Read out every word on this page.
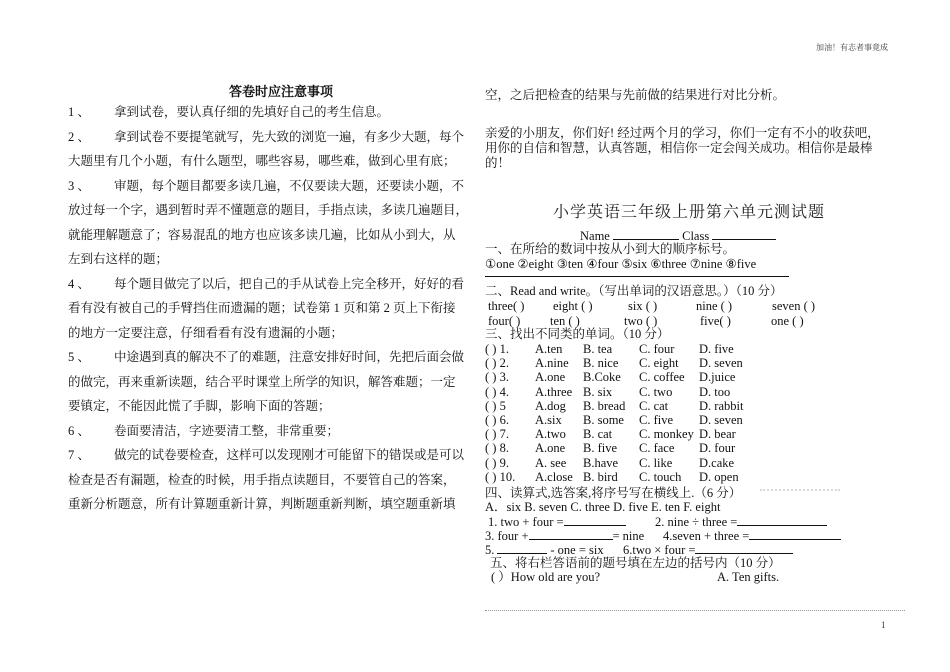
加油！有志者事竟成
答卷时应注意事项
1 、 拿到试卷，要认真仔细的先填好自己的考生信息。
2 、 拿到试卷不要提笔就写，先大致的浏览一遍，有多少大题，每个
大题里有几个小题，有什么题型，哪些容易，哪些难，做到心里有底；
3 、 审题，每个题目都要多读几遍，不仅要读大题，还要读小题，不
放过每一个字，遇到暂时弄不懂题意的题目，手指点读，多读几遍题目，
就能理解题意了；容易混乱的地方也应该多读几遍，比如从小到大，从
左到右这样的题；
4 、 每个题目做完了以后，把自己的手从试卷上完全移开，好好的看
看有没有被自己的手臂挡住而遗漏的题；试卷第 1 页和第 2 页上下衔接
的地方一定要注意，仔细看看有没有遗漏的小题；
5 、 中途遇到真的解决不了的难题，注意安排好时间，先把后面会做
的做完，再来重新读题，结合平时课堂上所学的知识，解答难题；一定
要镇定，不能因此慌了手脚，影响下面的答题；
6 、 卷面要清洁，字迹要清工整，非常重要；
7 、 做完的试卷要检查，这样可以发现刚才可能留下的错误或是可以
检查是否有漏题，检查的时候，用手指点读题目，不要管自己的答案，
重新分析题意，所有计算题重新计算，判断题重新判断，填空题重新填
空，之后把检查的结果与先前做的结果进行对比分析。
亲爱的小朋友，你们好! 经过两个月的学习，你们一定有不小的收获吧，
用你的自信和智慧，认真答题，相信你一定会闯关成功。相信你是最棒
的！
小学英语三年级上册第六单元测试题
Name	Class
一、在所给的数词中按从小到大的顺序标号。
①one ②eight ③ten ④four ⑤six ⑥three ⑦nine ⑧five
二、Read and write。（写出单词的汉语意思。）（10 分）
three( ) eight ( )	six ( )	nine ( )	seven ( )
four( ) ten ( )	two ( )	five( )	one ( )
三、找出不同类的单词。（10 分）
( ) 1. A.ten B. tea C. four D. five
( ) 2. A.nine B. nice C. eight D. seven
( ) 3. A.one B.Coke C. coffee D.juice
( ) 4. A.three B. six C. two D. too
( ) 5 A.dog B. bread C. cat D. rabbit
( ) 6. A.six B. some C. five D. seven
( ) 7. A.two B. cat C. monkey D. bear
( ) 8. A.one B. five C. face D. four
( ) 9. A. see B.have C. like D.cake
( ) 10. A.close B. bird C. touch D. open
四、读算式,选答案,将序号写在横线上.（6 分）
A．six B. seven C. three D. five E. ten F. eight
1. two + four =	2. nine ÷ three =
3. four +	= nine 4.seven + three =
5.	- one = six 6.two × four =
五、将右栏答语前的题号填在左边的括号内（10 分）
( ）How old are you?	A. Ten gifts.
1
